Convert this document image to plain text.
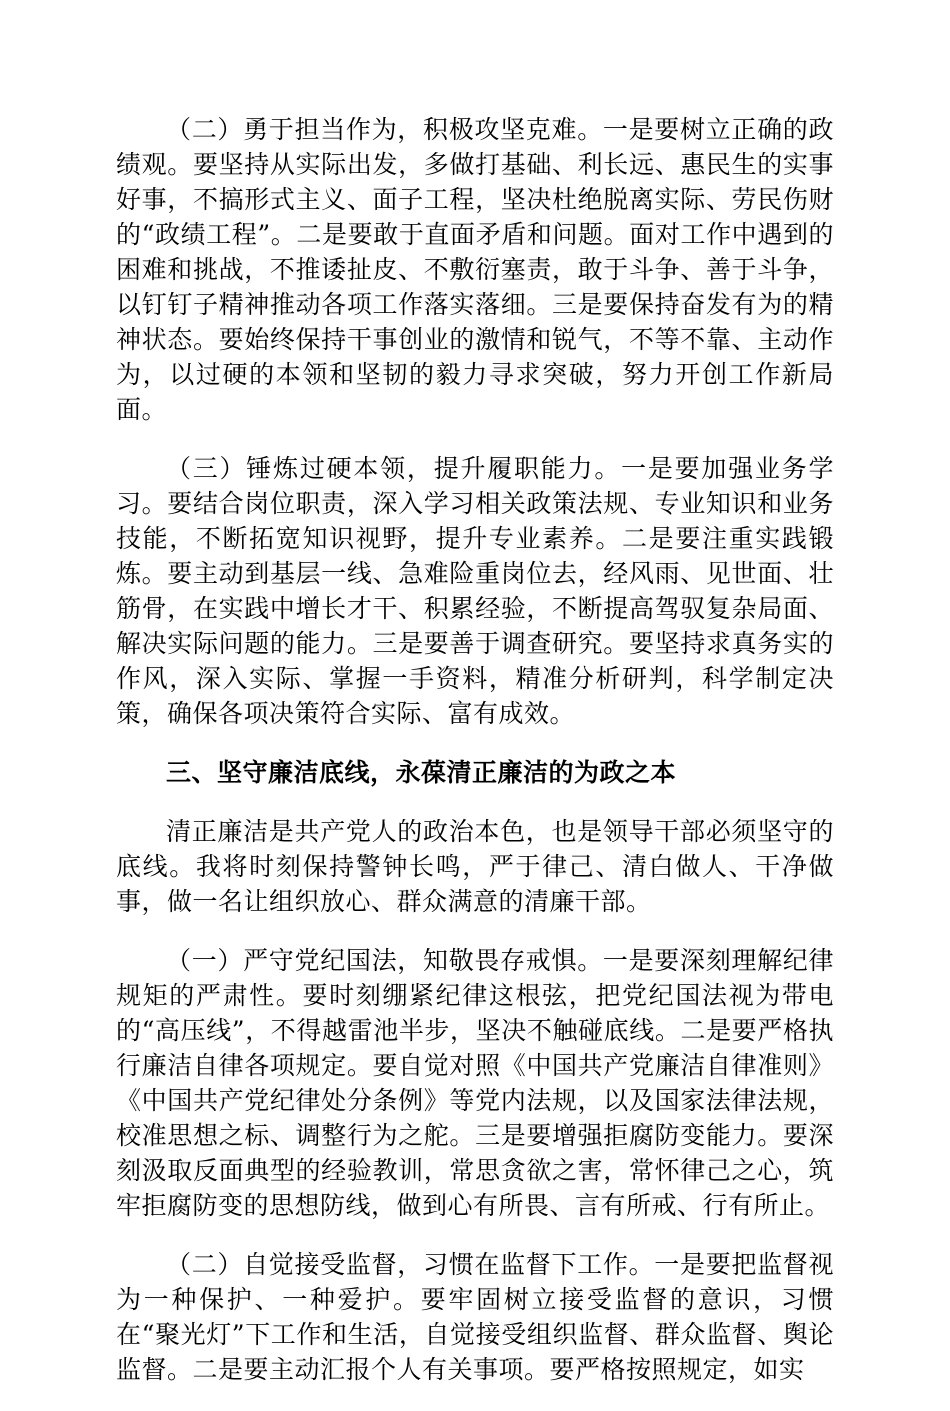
（二）勇于担当作为，积极攻坚克难。一是要树立正确的政绩观。要坚持从实际出发，多做打基础、利长远、惠民生的实事好事，不搞形式主义、面子工程，坚决杜绝脱离实际、劳民伤财的“政绩工程”。二是要敢于直面矛盾和问题。面对工作中遇到的困难和挑战，不推诿扯皮、不敷衍塞责，敢于斗争、善于斗争，以钉钉子精神推动各项工作落实落细。三是要保持奋发有为的精神状态。要始终保持干事创业的激情和锐气，不等不靠、主动作为，以过硬的本领和坚韧的毅力寻求突破，努力开创工作新局面。

（三）锤炼过硬本领，提升履职能力。一是要加强业务学习。要结合岗位职责，深入学习相关政策法规、专业知识和业务技能，不断拓宽知识视野，提升专业素养。二是要注重实践锻炼。要主动到基层一线、急难险重岗位去，经风雨、见世面、壮筋骨，在实践中增长才干、积累经验，不断提高驾驭复杂局面、解决实际问题的能力。三是要善于调查研究。要坚持求真务实的作风，深入实际、掌握一手资料，精准分析研判，科学制定决策，确保各项决策符合实际、富有成效。

三、坚守廉洁底线，永葆清正廉洁的为政之本

清正廉洁是共产党人的政治本色，也是领导干部必须坚守的底线。我将时刻保持警钟长鸣，严于律己、清白做人、干净做事，做一名让组织放心、群众满意的清廉干部。

（一）严守党纪国法，知敬畏存戒惧。一是要深刻理解纪律规矩的严肃性。要时刻绷紧纪律这根弦，把党纪国法视为带电的“高压线”，不得越雷池半步，坚决不触碰底线。二是要严格执行廉洁自律各项规定。要自觉对照《中国共产党廉洁自律准则》《中国共产党纪律处分条例》等党内法规，以及国家法律法规，校准思想之标、调整行为之舵。三是要增强拒腐防变能力。要深刻汲取反面典型的经验教训，常思贪欲之害，常怀律己之心，筑牢拒腐防变的思想防线，做到心有所畏、言有所戒、行有所止。

（二）自觉接受监督，习惯在监督下工作。一是要把监督视为一种保护、一种爱护。要牢固树立接受监督的意识，习惯在“聚光灯”下工作和生活，自觉接受组织监督、群众监督、舆论监督。二是要主动汇报个人有关事项。要严格按照规定，如实
